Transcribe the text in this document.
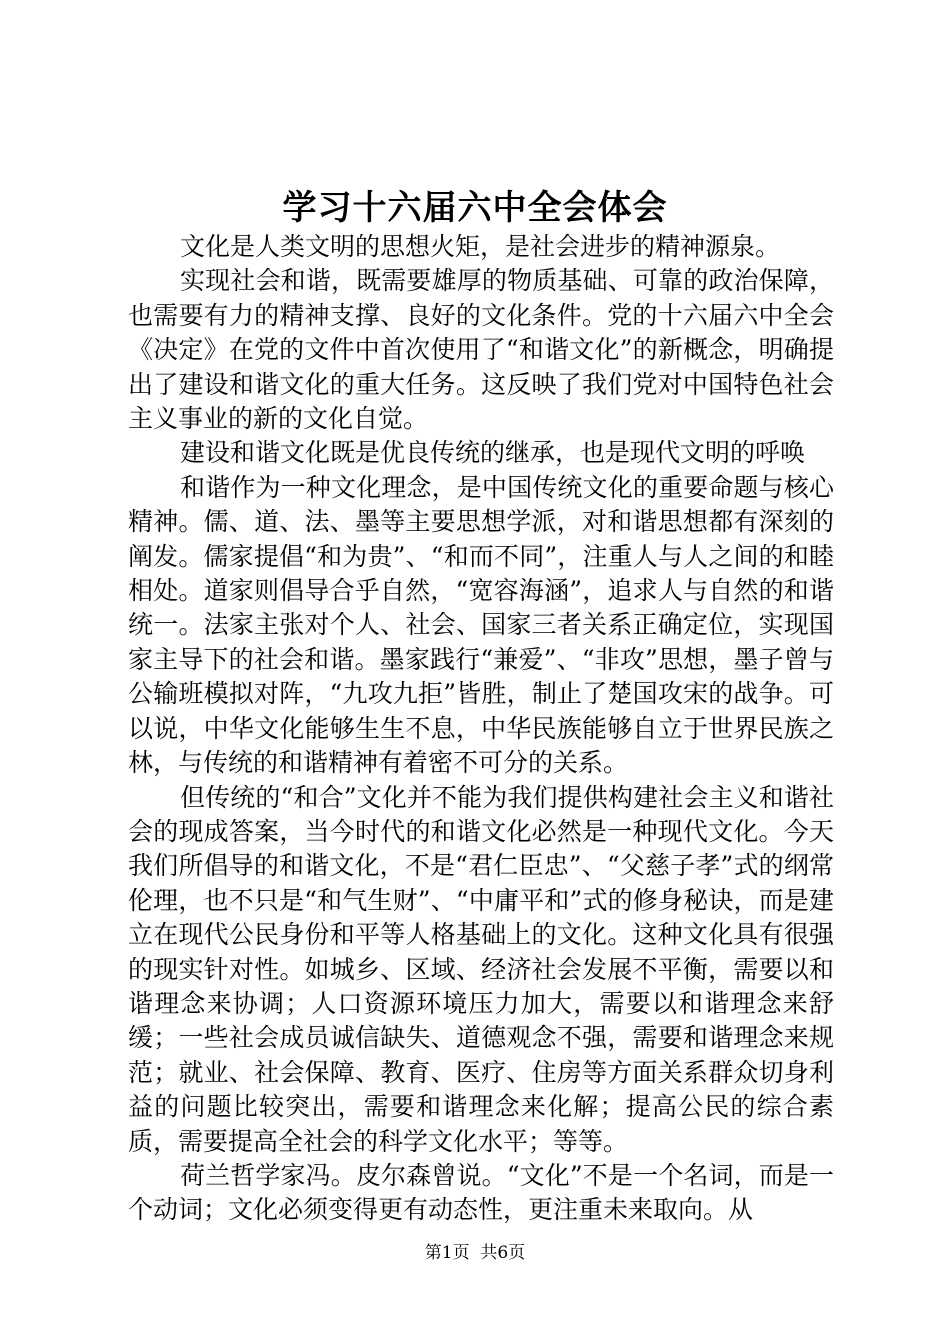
学习十六届六中全会体会

文化是人类文明的思想火矩，是社会进步的精神源泉。

实现社会和谐，既需要雄厚的物质基础、可靠的政治保障，也需要有力的精神支撑、良好的文化条件。党的十六届六中全会《决定》在党的文件中首次使用了“和谐文化”的新概念，明确提出了建设和谐文化的重大任务。这反映了我们党对中国特色社会主义事业的新的文化自觉。

建设和谐文化既是优良传统的继承，也是现代文明的呼唤

和谐作为一种文化理念，是中国传统文化的重要命题与核心精神。儒、道、法、墨等主要思想学派，对和谐思想都有深刻的阐发。儒家提倡“和为贵”、“和而不同”，注重人与人之间的和睦相处。道家则倡导合乎自然，“宽容海涵”，追求人与自然的和谐统一。法家主张对个人、社会、国家三者关系正确定位，实现国家主导下的社会和谐。墨家践行“兼爱”、“非攻”思想，墨子曾与公输班模拟对阵，“九攻九拒”皆胜，制止了楚国攻宋的战争。可以说，中华文化能够生生不息，中华民族能够自立于世界民族之林，与传统的和谐精神有着密不可分的关系。

但传统的“和合”文化并不能为我们提供构建社会主义和谐社会的现成答案，当今时代的和谐文化必然是一种现代文化。今天我们所倡导的和谐文化，不是“君仁臣忠”、“父慈子孝”式的纲常伦理，也不只是“和气生财”、“中庸平和”式的修身秘诀，而是建立在现代公民身份和平等人格基础上的文化。这种文化具有很强的现实针对性。如城乡、区域、经济社会发展不平衡，需要以和谐理念来协调；人口资源环境压力加大，需要以和谐理念来舒缓；一些社会成员诚信缺失、道德观念不强，需要和谐理念来规范；就业、社会保障、教育、医疗、住房等方面关系群众切身利益的问题比较突出，需要和谐理念来化解；提高公民的综合素质，需要提高全社会的科学文化水平；等等。

荷兰哲学家冯。皮尔森曾说。“文化”不是一个名词，而是一个动词；文化必须变得更有动态性，更注重未来取向。从

第1页  共6页
